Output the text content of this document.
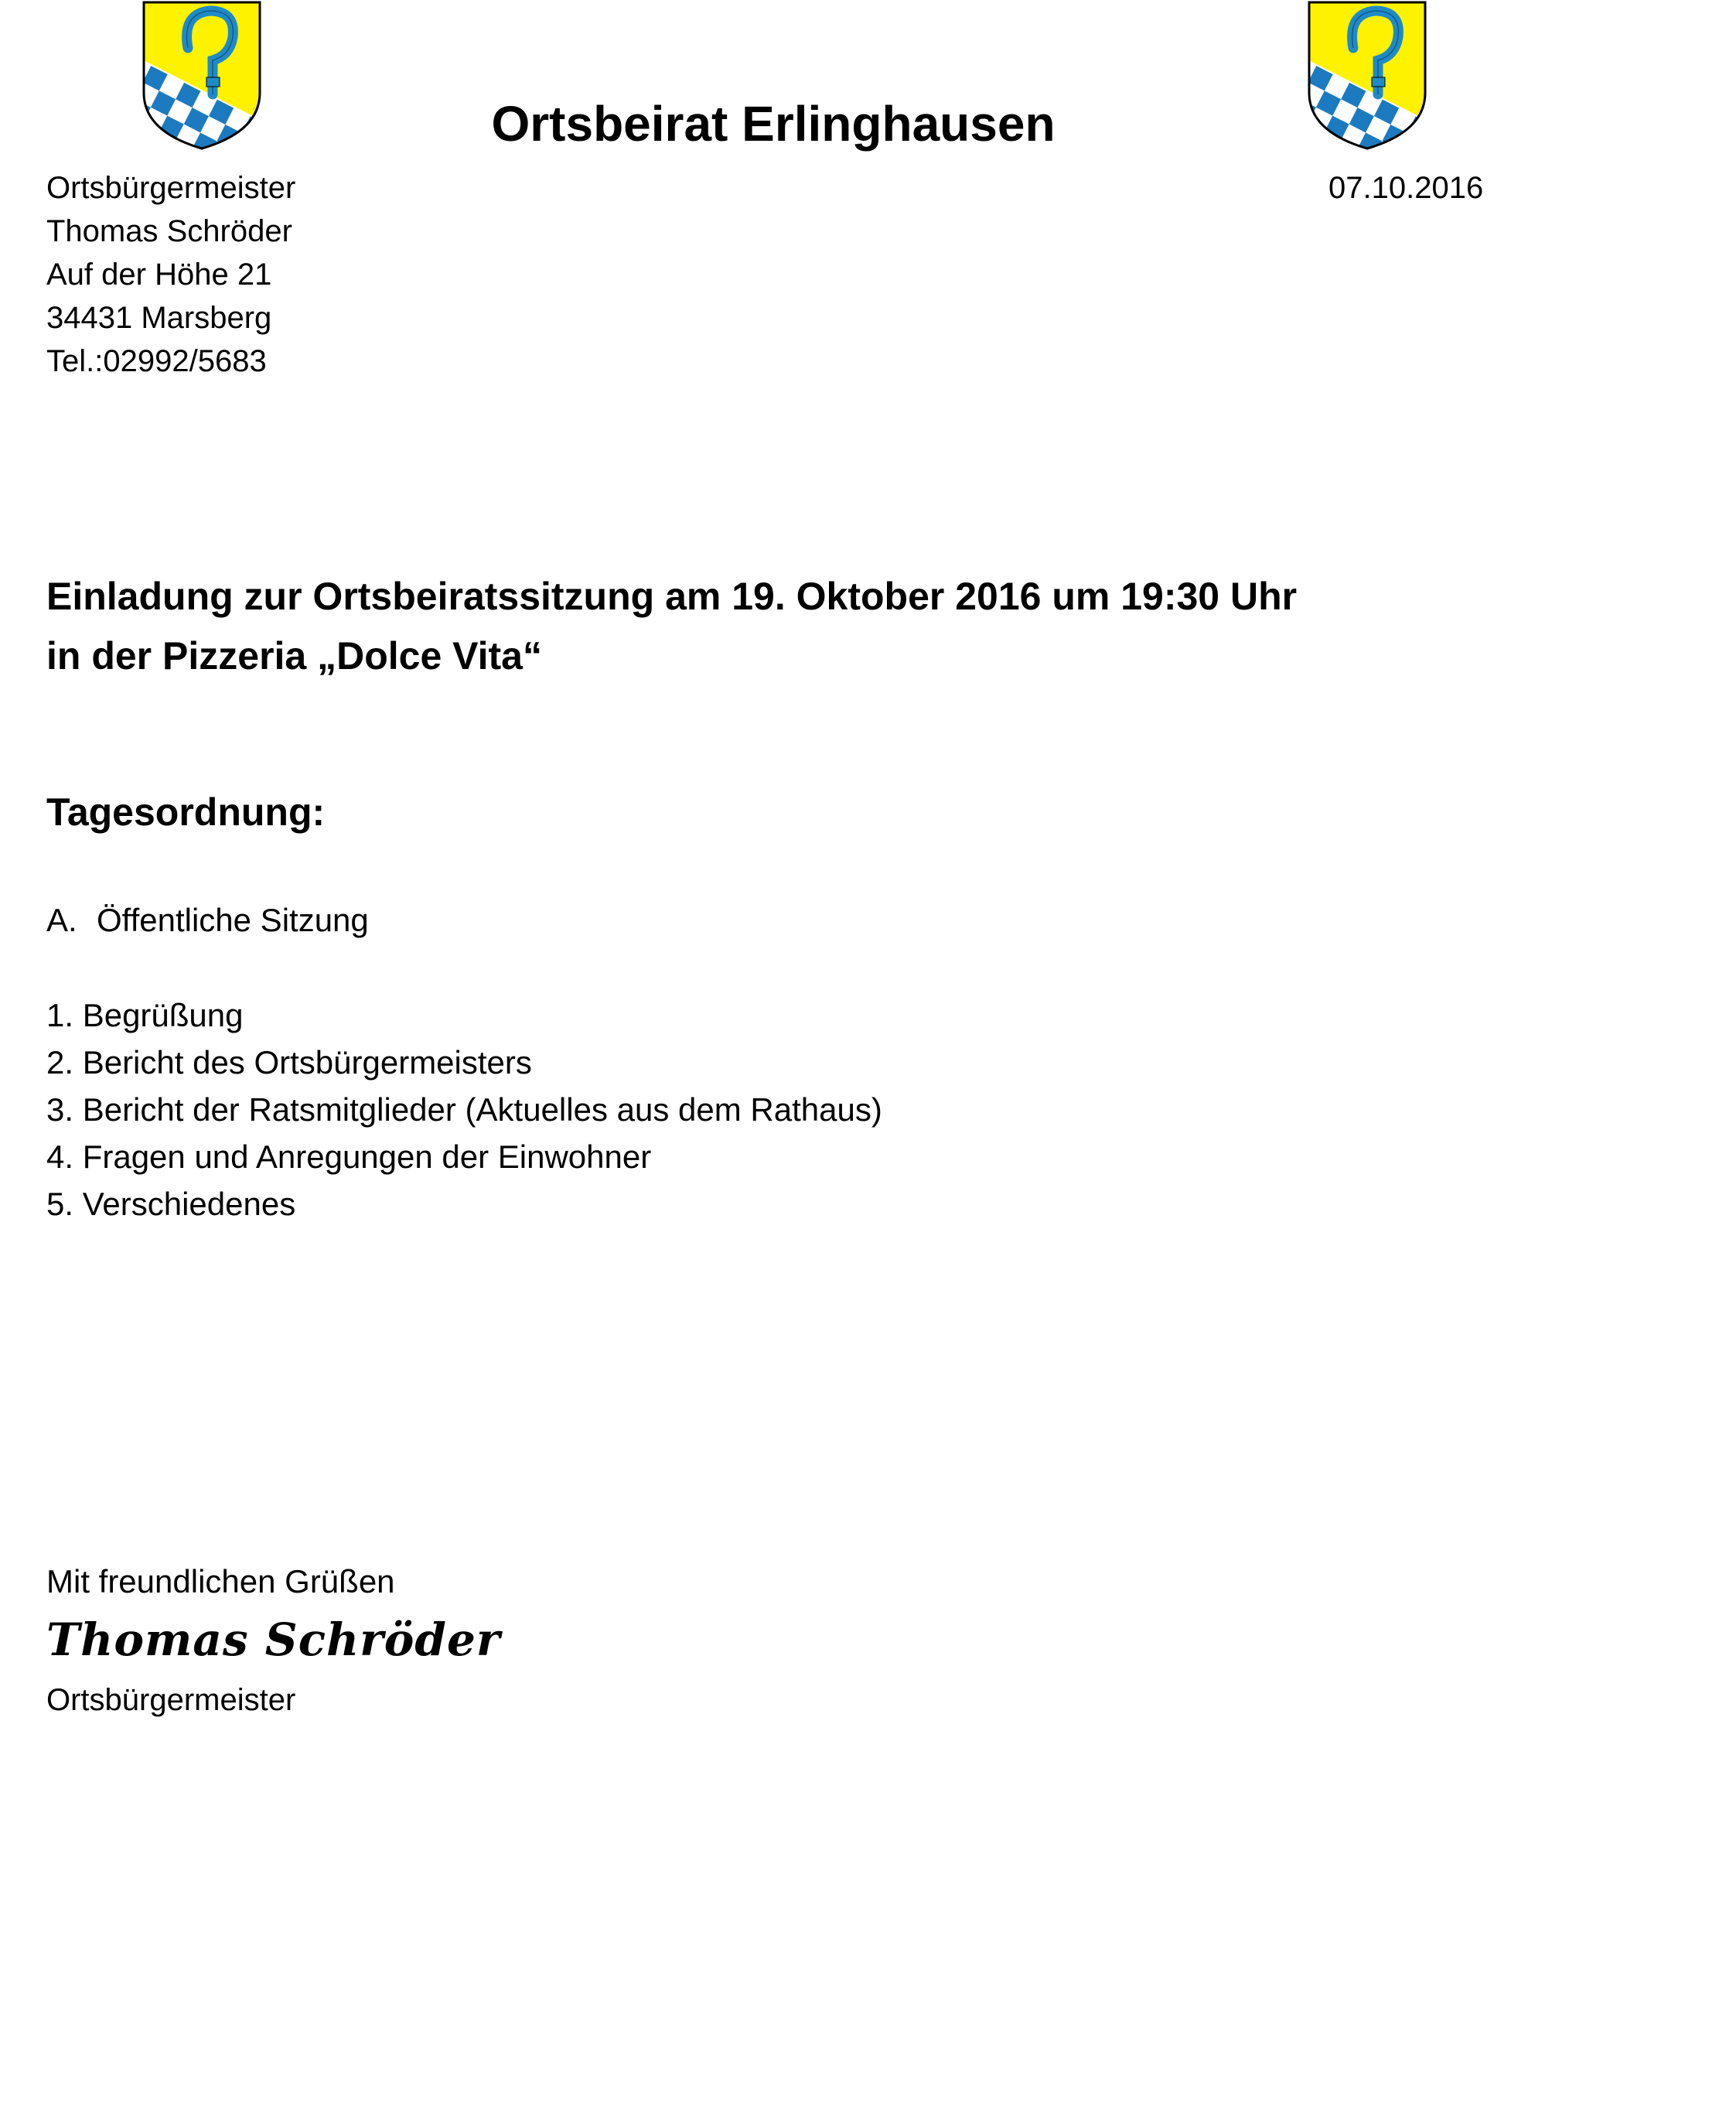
Ortsbeirat Erlinghausen
Ortsbürgermeister
Thomas Schröder
Auf der Höhe 21
34431 Marsberg
Tel.:02992/5683
07.10.2016
Einladung zur Ortsbeiratssitzung am 19. Oktober 2016 um 19:30 Uhr
in der Pizzeria „Dolce Vita“
Tagesordnung:
A. Öffentliche Sitzung
1. Begrüßung
2. Bericht des Ortsbürgermeisters
3. Bericht der Ratsmitglieder (Aktuelles aus dem Rathaus)
4. Fragen und Anregungen der Einwohner
5. Verschiedenes
Mit freundlichen Grüßen
Thomas Schröder
Ortsbürgermeister
